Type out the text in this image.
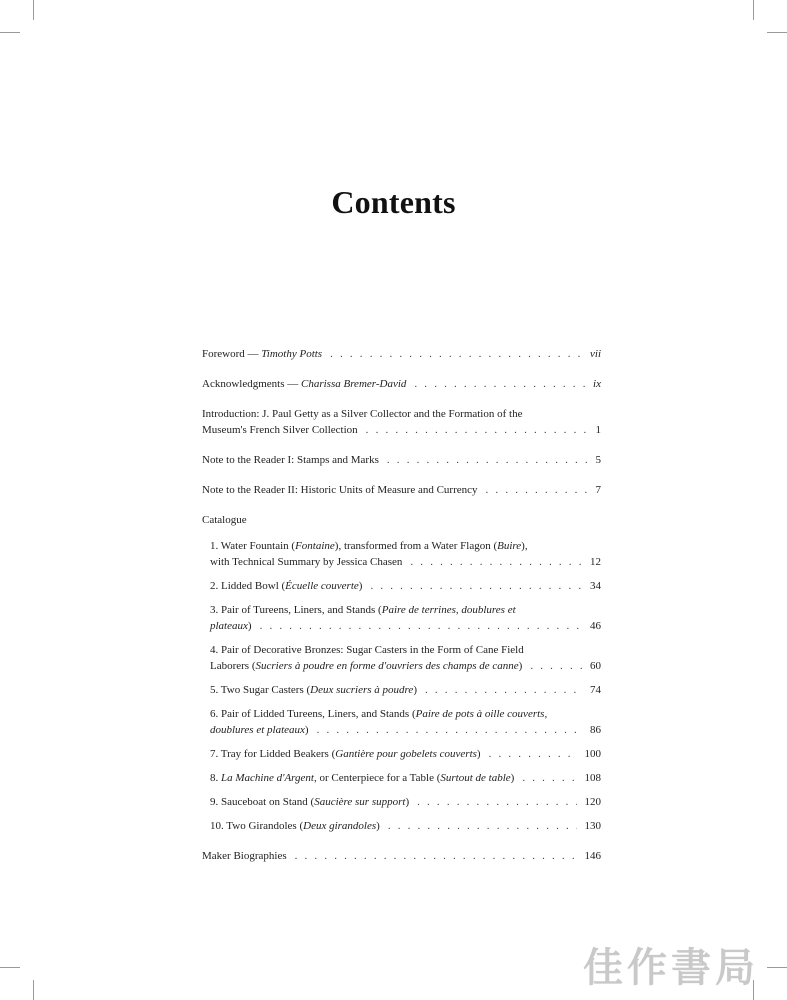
Contents
Foreword — Timothy Potts . . .	vii
Acknowledgments — Charissa Bremer-David . . .	ix
Introduction: J. Paul Getty as a Silver Collector and the Formation of the
Museum's French Silver Collection . . .	1
Note to the Reader I: Stamps and Marks . . .	5
Note to the Reader II: Historic Units of Measure and Currency . . .	7
Catalogue
1. Water Fountain (Fontaine), transformed from a Water Flagon (Buire),
with Technical Summary by Jessica Chasen . . .	12
2. Lidded Bowl (Écuelle couverte) . . .	34
3. Pair of Tureens, Liners, and Stands (Paire de terrines, doublures et
plateaux) . . .	46
4. Pair of Decorative Bronzes: Sugar Casters in the Form of Cane Field
Laborers (Sucriers à poudre en forme d'ouvriers des champs de canne) . . .	60
5. Two Sugar Casters (Deux sucriers à poudre) . . .	74
6. Pair of Lidded Tureens, Liners, and Stands (Paire de pots à oille couverts,
doublures et plateaux) . . .	86
7. Tray for Lidded Beakers (Gantière pour gobelets couverts) . . .	100
8. La Machine d'Argent, or Centerpiece for a Table (Surtout de table) . . .	108
9. Sauceboat on Stand (Saucière sur support) . . .	120
10. Two Girandoles (Deux girandoles) . . .	130
Maker Biographies . . .	146
佳作書局
